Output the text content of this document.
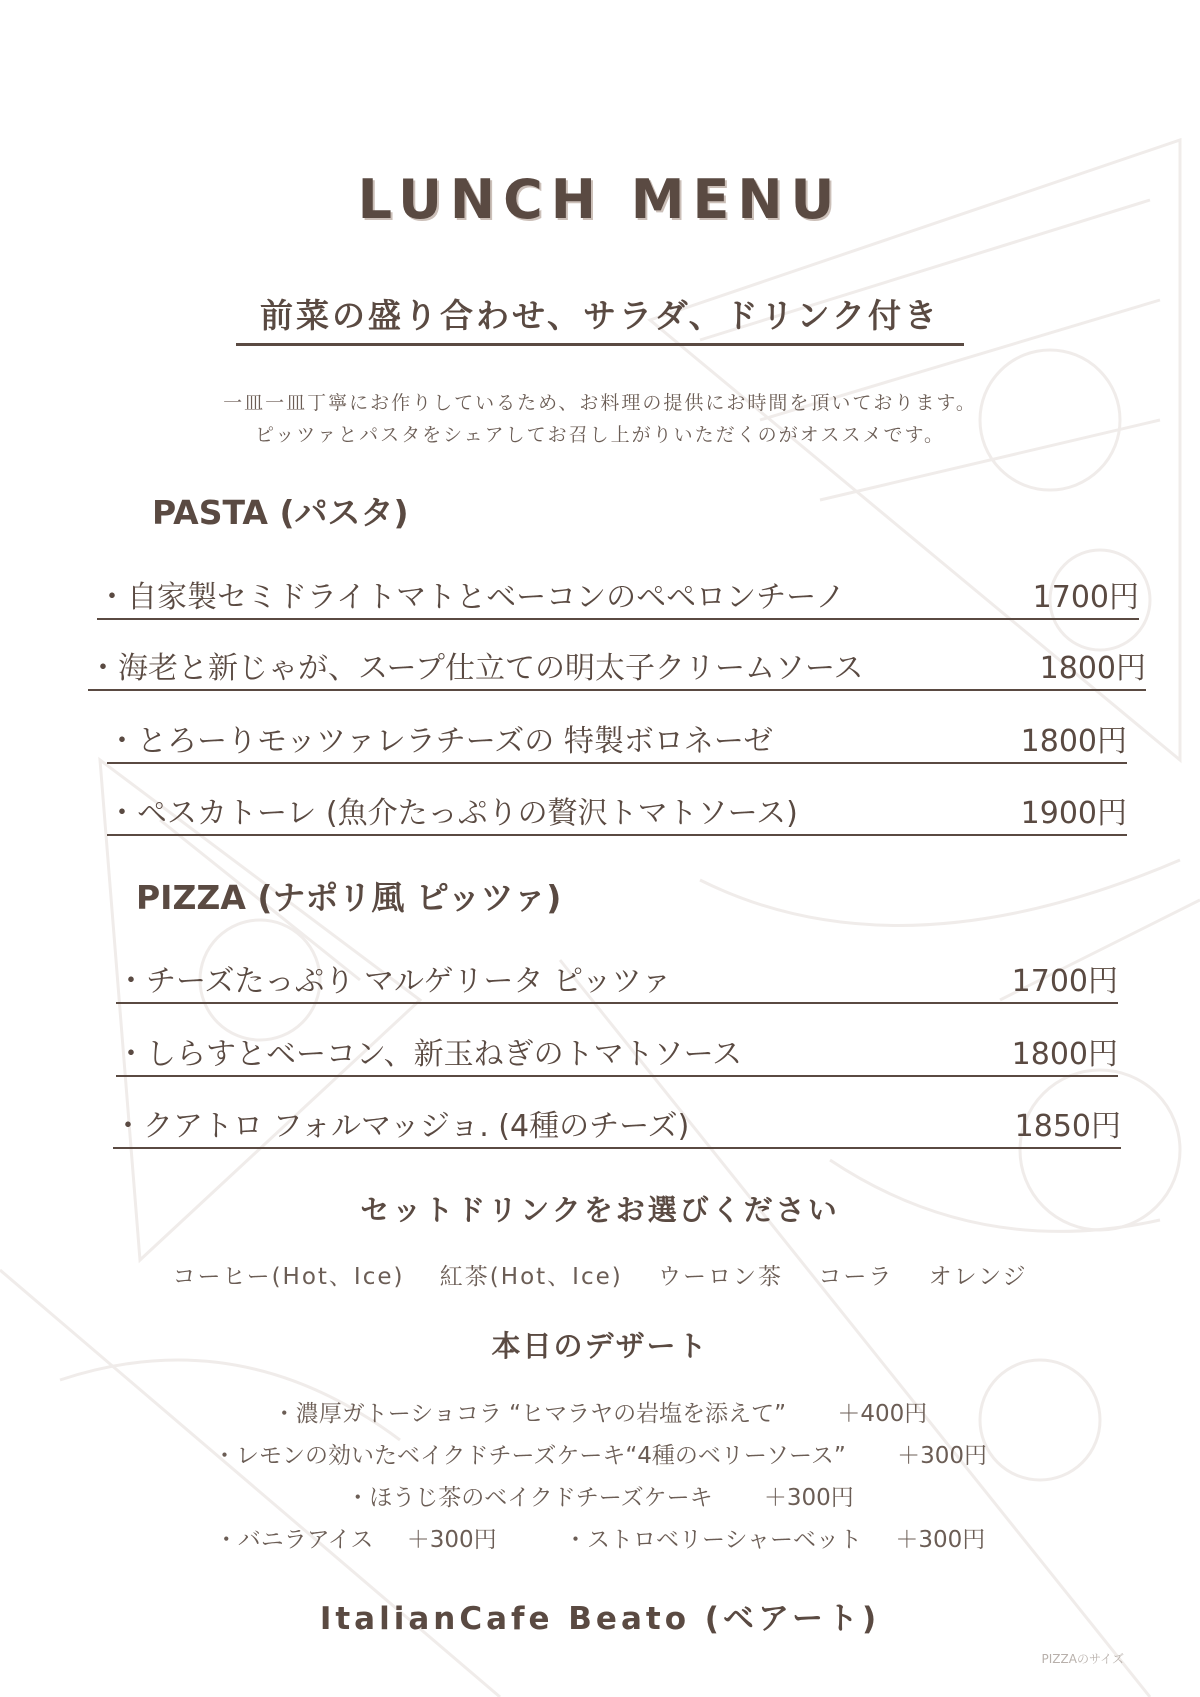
LUNCH MENU
前菜の盛り合わせ、サラダ、ドリンク付き
一皿一皿丁寧にお作りしているため、お料理の提供にお時間を頂いております。
ピッツァとパスタをシェアしてお召し上がりいただくのがオススメです。
PASTA (パスタ)
・自家製セミドライトマトとベーコンのペペロンチーノ	1700円
・海老と新じゃが、スープ仕立ての明太子クリームソース	1800円
・とろーりモッツァレラチーズの 特製ボロネーゼ	1800円
・ペスカトーレ (魚介たっぷりの贅沢トマトソース)	1900円
PIZZA (ナポリ風 ピッツァ)
・チーズたっぷり マルゲリータ ピッツァ	1700円
・しらすとベーコン、新玉ねぎのトマトソース	1800円
・クアトロ フォルマッジョ. (4種のチーズ)	1850円
セットドリンクをお選びください
コーヒー(Hot、Ice) 紅茶(Hot、Ice) ウーロン茶 コーラ オレンジ
本日のデザート
・濃厚ガトーショコラ “ヒマラヤの岩塩を添えて” ＋400円
・レモンの効いたベイクドチーズケーキ“4種のベリーソース” ＋300円
・ほうじ茶のベイクドチーズケーキ ＋300円
・バニラアイス ＋300円	・ストロベリーシャーベット ＋300円
ItalianCafe Beato (ベアート)
PIZZAのサイズ
